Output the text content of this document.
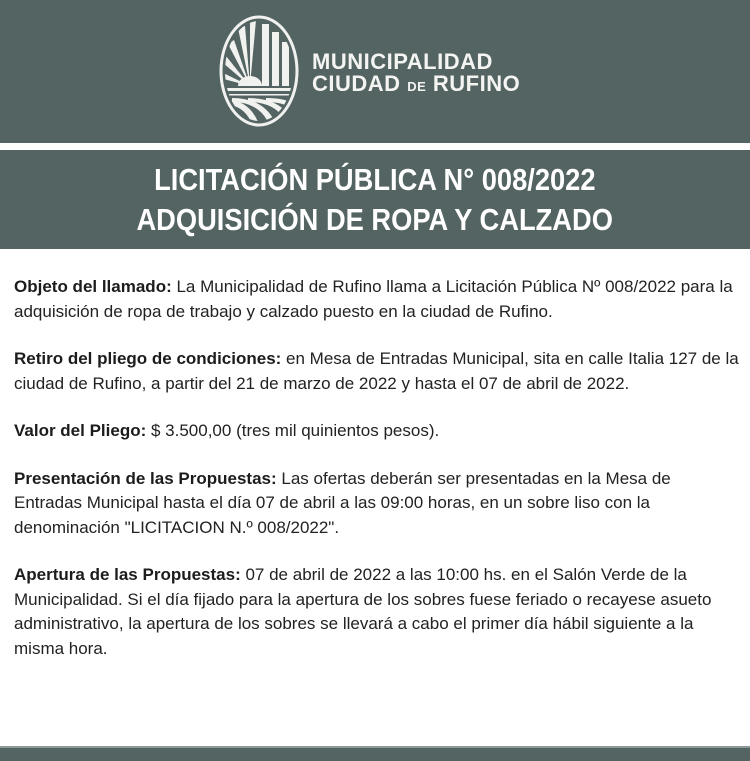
MUNICIPALIDAD
CIUDAD DE RUFINO
LICITACIÓN PÚBLICA N° 008/2022
ADQUISICIÓN DE ROPA Y CALZADO

Objeto del llamado: La Municipalidad de Rufino llama a Licitación Pública Nº 008/2022 para la adquisición de ropa de trabajo y calzado puesto en la ciudad de Rufino.

Retiro del pliego de condiciones: en Mesa de Entradas Municipal, sita en calle Italia 127 de la ciudad de Rufino, a partir del 21 de marzo de 2022 y hasta el 07 de abril de 2022.

Valor del Pliego: $ 3.500,00 (tres mil quinientos pesos).

Presentación de las Propuestas: Las ofertas deberán ser presentadas en la Mesa de Entradas Municipal hasta el día 07 de abril a las 09:00 horas, en un sobre liso con la denominación "LICITACION N.º 008/2022".

Apertura de las Propuestas: 07 de abril de 2022 a las 10:00 hs. en el Salón Verde de la Municipalidad. Si el día fijado para la apertura de los sobres fuese feriado o recayese asueto administrativo, la apertura de los sobres se llevará a cabo el primer día hábil siguiente a la misma hora.
